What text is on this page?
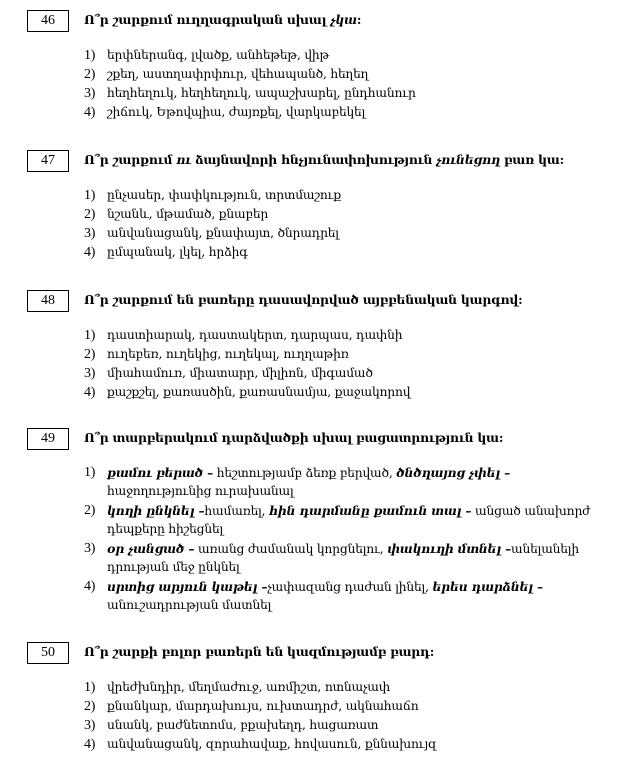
46	Ո՞ր շարքում ուղղագրական սխալ չկա:
1) երփներանգ, լվածք, անհեթեթ, վիթ
2) շքեղ, աստղափրփուր, վեհապանծ, հեղեղ
3) հեղհեղուկ, հեղհեղուկ, ապաշխարել, ընդհանուր
4) շիճուկ, Եթովպիա, ժայռքել, վարկաբեկել
47	Ո՞ր շարքում ու ձայնավորի հնչյունափոխություն չունեցող բառ կա:
1) ընչասեր, փափկություն, տրտմաշուք
2) նշանև, մթամած, քնաբեր
3) անվանացանկ, քնափայտ, ծնրադրել
4) ըմպանակ, լկել, հրձիգ
48	Ո՞ր շարքում են բառերը դասավորված այբբենական կարգով:
1) դաստիարակ, դաստակերտ, դարպաս, դափնի
2) ուղեբեռ, ուղեկից, ուղեկալ, ուղղաթիռ
3) միահամուռ, միատարր, միլիոն, միգամած
4) քաշքշել, քառասծին, քառասնամյա, քաջակորով
49	Ո՞ր տարբերակում դարձվածքի սխալ բացատրություն կա:
1) քամու բերած – հեշտությամբ ձեռք բերված, ծնծղայոց չփել –հաջողությունից ուրախանալ
2) կողի ընկնել –համառել, հին դարմանը քամուն տալ – անցած անախորժ դեպքերը հիշեցնել
3) օր չանցած – առանց ժամանակ կորցնելու, փակուղի մտնել –անելանելի դրության մեջ ընկնել
4) սրտից արյուն կաթել –չափազանց դաժան լինել, երես դարձնել – անուշադրության մատնել
50	Ո՞ր շարքի բոլոր բառերն են կազմությամբ բարդ:
1) վրեժխնդիր, մեղմաժուջ, առմիշտ, ոտնաչափ
2) քնանկար, մարդախույս, ուխտադրժ, ակնահաճո
3) սնանկ, բաժնետոմս, բքախեղդ, հացառատ
4) անվանացանկ, զորահավաք, հովասուն, քննախույզ
